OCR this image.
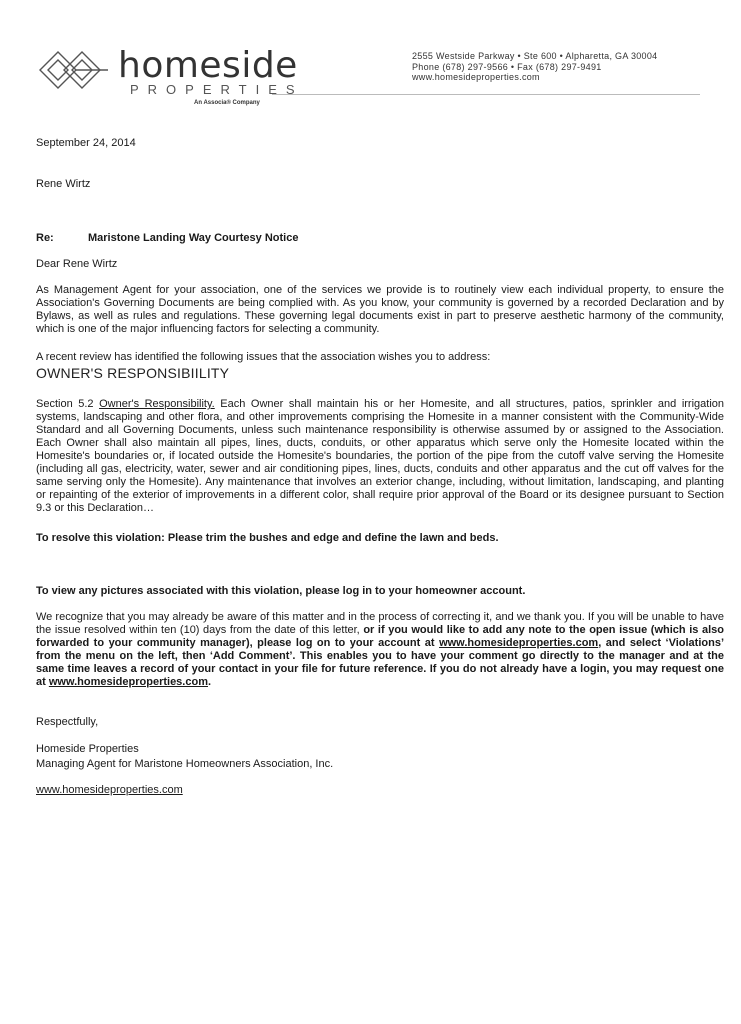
homeside
PROPERTIES
An Associa® Company
2555 Westside Parkway • Ste 600 • Alpharetta, GA 30004
Phone (678) 297-9566 • Fax (678) 297-9491
www.homesideproperties.com
September 24, 2014
Rene Wirtz
Re:	Maristone Landing Way Courtesy Notice
Dear Rene Wirtz
As Management Agent for your association, one of the services we provide is to routinely view each individual property, to ensure the Association's Governing Documents are being complied with. As you know, your community is governed by a recorded Declaration and by Bylaws, as well as rules and regulations. These governing legal documents exist in part to preserve aesthetic harmony of the community, which is one of the major influencing factors for selecting a community.
A recent review has identified the following issues that the association wishes you to address:
OWNER'S RESPONSIBIILITY
Section 5.2 Owner's Responsibility. Each Owner shall maintain his or her Homesite, and all structures, patios, sprinkler and irrigation systems, landscaping and other flora, and other improvements comprising the Homesite in a manner consistent with the Community-Wide Standard and all Governing Documents, unless such maintenance responsibility is otherwise assumed by or assigned to the Association. Each Owner shall also maintain all pipes, lines, ducts, conduits, or other apparatus which serve only the Homesite located within the Homesite's boundaries or, if located outside the Homesite's boundaries, the portion of the pipe from the cutoff valve serving the Homesite (including all gas, electricity, water, sewer and air conditioning pipes, lines, ducts, conduits and other apparatus and the cut off valves for the same serving only the Homesite). Any maintenance that involves an exterior change, including, without limitation, landscaping, and planting or repainting of the exterior of improvements in a different color, shall require prior approval of the Board or its designee pursuant to Section 9.3 or this Declaration…
To resolve this violation: Please trim the bushes and edge and define the lawn and beds.
To view any pictures associated with this violation, please log in to your homeowner account.
We recognize that you may already be aware of this matter and in the process of correcting it, and we thank you. If you will be unable to have the issue resolved within ten (10) days from the date of this letter, or if you would like to add any note to the open issue (which is also forwarded to your community manager), please log on to your account at www.homesideproperties.com, and select ‘Violations’ from the menu on the left, then ‘Add Comment’. This enables you to have your comment go directly to the manager and at the same time leaves a record of your contact in your file for future reference. If you do not already have a login, you may request one at www.homesideproperties.com.
Respectfully,
Homeside Properties
Managing Agent for Maristone Homeowners Association, Inc.
www.homesideproperties.com
